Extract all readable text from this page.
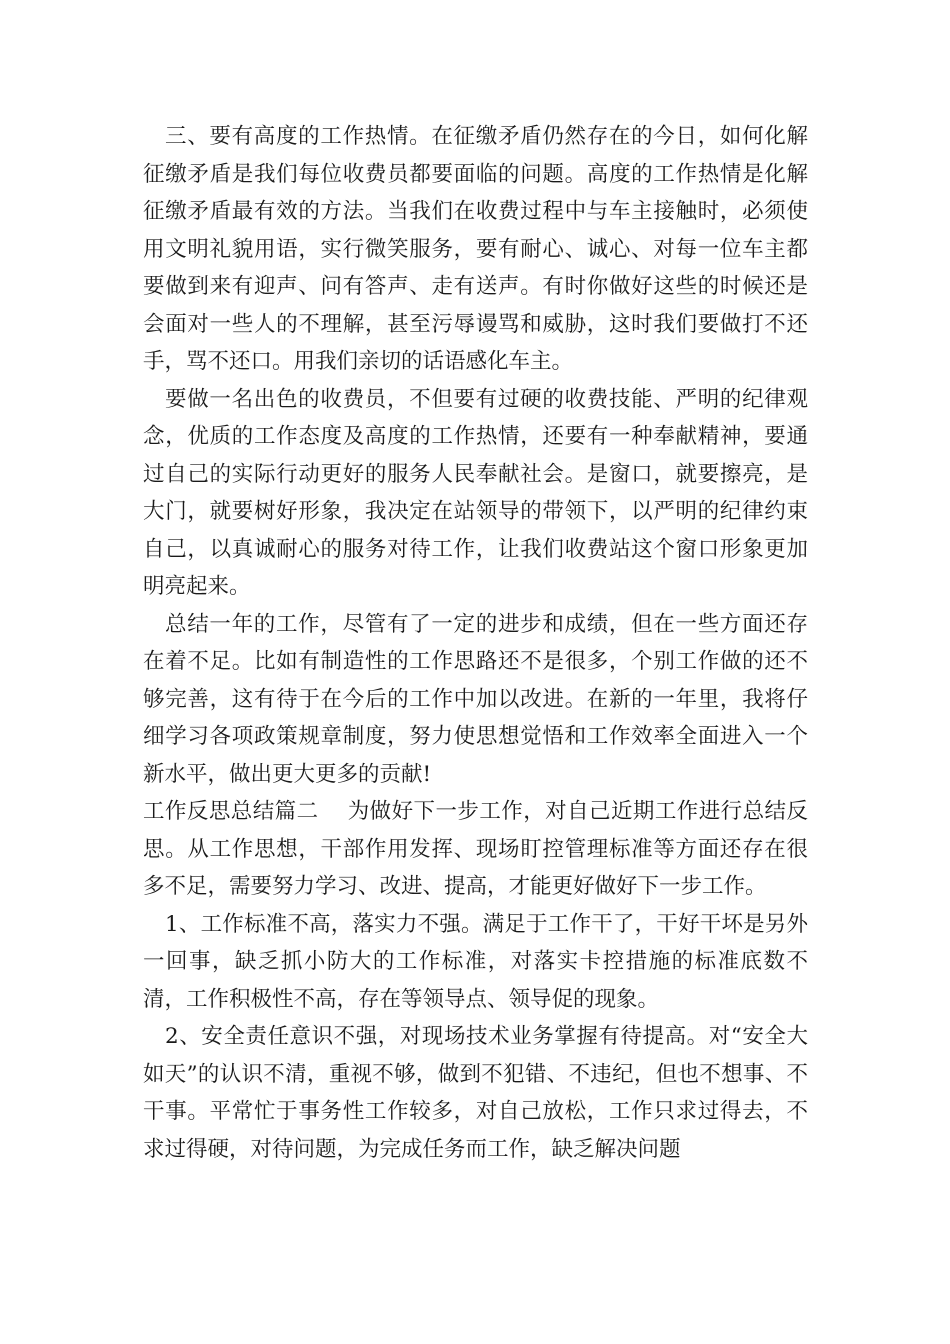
三、要有高度的工作热情。在征缴矛盾仍然存在的今日，如何化解征缴矛盾是我们每位收费员都要面临的问题。高度的工作热情是化解征缴矛盾最有效的方法。当我们在收费过程中与车主接触时，必须使用文明礼貌用语，实行微笑服务，要有耐心、诚心、对每一位车主都要做到来有迎声、问有答声、走有送声。有时你做好这些的时候还是会面对一些人的不理解，甚至污辱谩骂和威胁，这时我们要做打不还手，骂不还口。用我们亲切的话语感化车主。

要做一名出色的收费员，不但要有过硬的收费技能、严明的纪律观念，优质的工作态度及高度的工作热情，还要有一种奉献精神，要通过自己的实际行动更好的服务人民奉献社会。是窗口，就要擦亮，是大门，就要树好形象，我决定在站领导的带领下，以严明的纪律约束自己，以真诚耐心的服务对待工作，让我们收费站这个窗口形象更加明亮起来。

总结一年的工作，尽管有了一定的进步和成绩，但在一些方面还存在着不足。比如有制造性的工作思路还不是很多，个别工作做的还不够完善，这有待于在今后的工作中加以改进。在新的一年里，我将仔细学习各项政策规章制度，努力使思想觉悟和工作效率全面进入一个新水平，做出更大更多的贡献!

工作反思总结篇二　 为做好下一步工作，对自己近期工作进行总结反思。从工作思想，干部作用发挥、现场盯控管理标准等方面还存在很多不足，需要努力学习、改进、提高，才能更好做好下一步工作。

1、工作标准不高，落实力不强。满足于工作干了，干好干坏是另外一回事，缺乏抓小防大的工作标准，对落实卡控措施的标准底数不清，工作积极性不高，存在等领导点、领导促的现象。

2、安全责任意识不强，对现场技术业务掌握有待提高。对“安全大如天”的认识不清，重视不够，做到不犯错、不违纪，但也不想事、不干事。平常忙于事务性工作较多，对自己放松，工作只求过得去，不求过得硬，对待问题，为完成任务而工作，缺乏解决问题
